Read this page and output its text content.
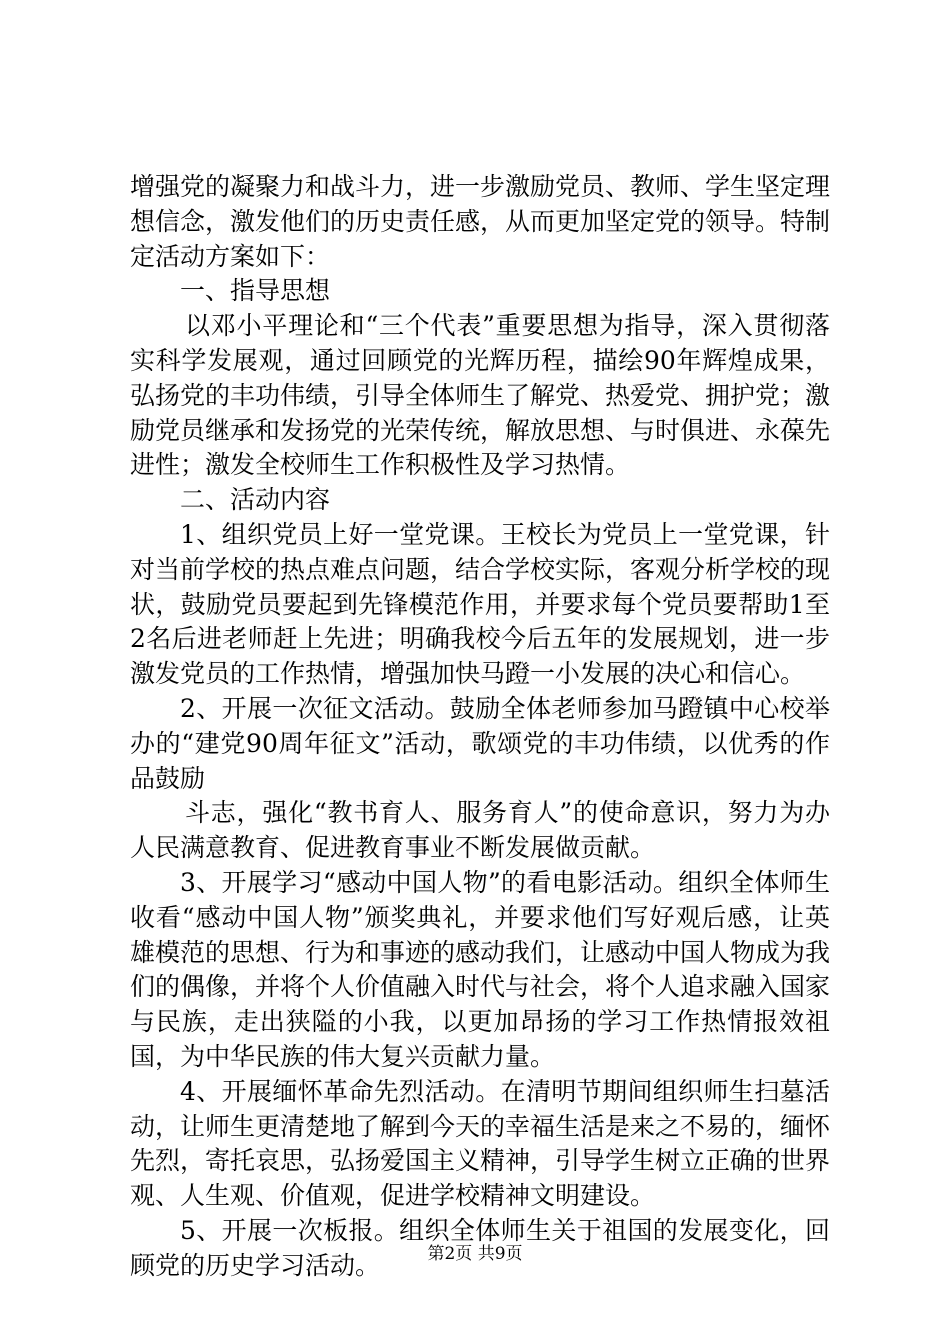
增强党的凝聚力和战斗力，进一步激励党员、教师、学生坚定理想信念，激发他们的历史责任感，从而更加坚定党的领导。特制定活动方案如下：

一、指导思想

以邓小平理论和“三个代表”重要思想为指导，深入贯彻落实科学发展观，通过回顾党的光辉历程，描绘90年辉煌成果，弘扬党的丰功伟绩，引导全体师生了解党、热爱党、拥护党；激励党员继承和发扬党的光荣传统，解放思想、与时俱进、永葆先进性；激发全校师生工作积极性及学习热情。

二、活动内容

1、组织党员上好一堂党课。王校长为党员上一堂党课，针对当前学校的热点难点问题，结合学校实际，客观分析学校的现状，鼓励党员要起到先锋模范作用，并要求每个党员要帮助1至2名后进老师赶上先进；明确我校今后五年的发展规划，进一步激发党员的工作热情，增强加快马蹬一小发展的决心和信心。

2、开展一次征文活动。鼓励全体老师参加马蹬镇中心校举办的“建党90周年征文”活动，歌颂党的丰功伟绩，以优秀的作品鼓励

斗志，强化“教书育人、服务育人”的使命意识，努力为办人民满意教育、促进教育事业不断发展做贡献。

3、开展学习“感动中国人物”的看电影活动。组织全体师生收看“感动中国人物”颁奖典礼，并要求他们写好观后感，让英雄模范的思想、行为和事迹的感动我们，让感动中国人物成为我们的偶像，并将个人价值融入时代与社会，将个人追求融入国家与民族，走出狭隘的小我，以更加昂扬的学习工作热情报效祖国，为中华民族的伟大复兴贡献力量。

4、开展缅怀革命先烈活动。在清明节期间组织师生扫墓活动，让师生更清楚地了解到今天的幸福生活是来之不易的，缅怀先烈，寄托哀思，弘扬爱国主义精神，引导学生树立正确的世界观、人生观、价值观，促进学校精神文明建设。

5、开展一次板报。组织全体师生关于祖国的发展变化，回顾党的历史学习活动。	第2页 共9页
